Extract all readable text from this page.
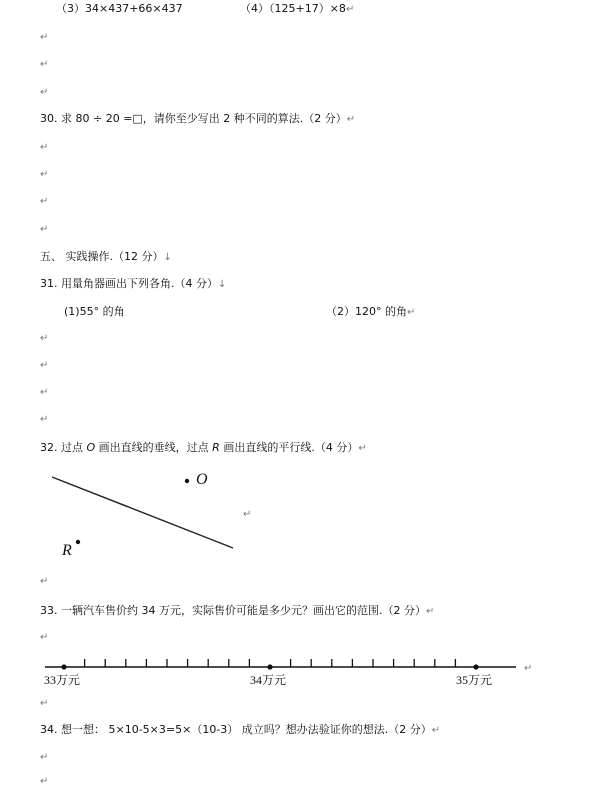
（3）34×437+66×437	（4）（125+17）×8↵
↵
↵
↵
30. 求 80 ÷ 20 =□，请你至少写出 2 种不同的算法.（2 分）↵
↵
↵
↵
↵
五、 实践操作.（12 分）↓
31. 用量角器画出下列各角.（4 分）↓
(1)55° 的角	（2）120° 的角↵
↵
↵
↵
↵
32. 过点 O 画出直线的垂线，过点 R 画出直线的平行线.（4 分）↵
O
R
↵
↵
33. 一辆汽车售价约 34 万元，实际售价可能是多少元？画出它的范围.（2 分）↵
↵
33万元	34万元	35万元
↵
↵
34. 想一想： 5×10-5×3=5×（10-3） 成立吗？想办法验证你的想法.（2 分）↵
↵
↵
